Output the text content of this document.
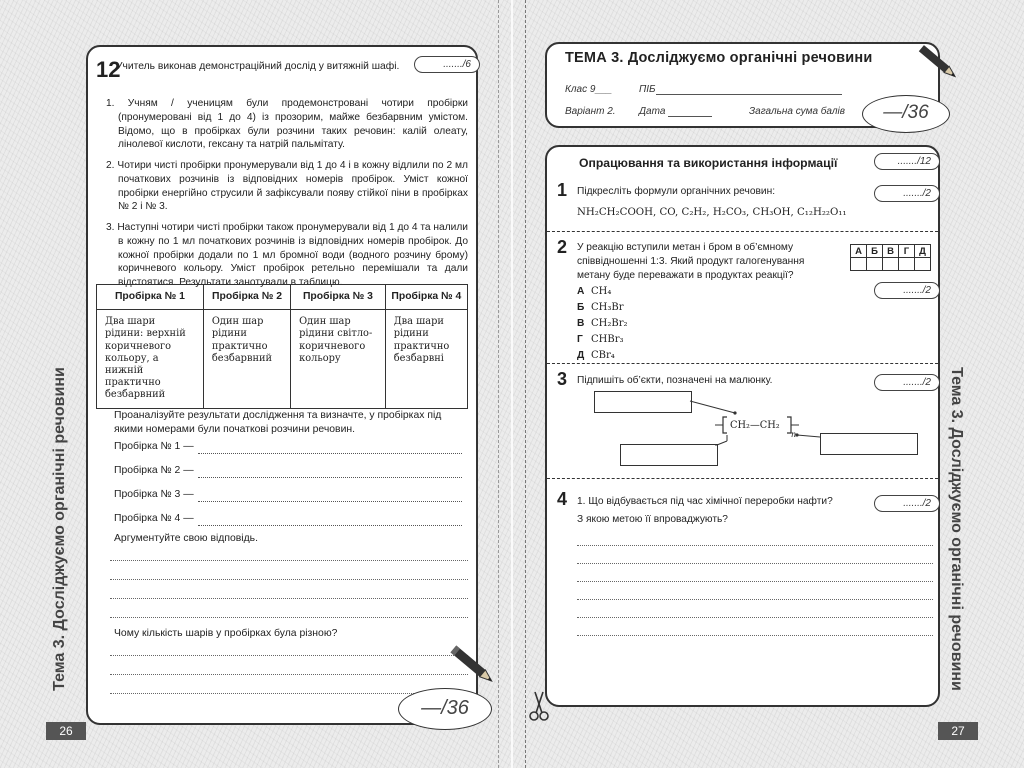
Тема 3. Досліджуємо органічні речовини
12
Учитель виконав демонстраційний дослід у витяжній шафі.	......./6
1. Учням / ученицям були продемонстровані чотири пробірки (пронумеровані від 1 до 4) із прозорим, майже безбарвним умістом. Відомо, що в пробірках були розчини таких речовин: калій олеату, лінолевої кислоти, гексану та натрій пальмітату.
2. Чотири чисті пробірки пронумерували від 1 до 4 і в кожну відлили по 2 мл початкових розчинів із відповідних номерів пробірок. Уміст кожної пробірки енергійно струсили й зафіксували появу стійкої піни в пробірках № 2 і № 3.
3. Наступні чотири чисті пробірки також пронумерували від 1 до 4 та налили в кожну по 1 мл початкових розчинів із відповідних номерів пробірок. До кожної пробірки додали по 1 мл бромної води (водного розчину брому) коричневого кольору. Уміст пробірок ретельно перемішали та дали відстоятися. Результати занотували в таблицю.
Пробірка № 1	Пробірка № 2	Пробірка № 3	Пробірка № 4
Два шари рідини: верхній коричневого кольору, а нижній практично безбарвний	Один шар рідини практично безбарвний	Один шар рідини світло-коричневого кольору	Два шари рідини практично безбарвні
Проаналізуйте результати дослідження та визначте, у пробірках під якими номерами були початкові розчини речовин.
Пробірка № 1 —
Пробірка № 2 —
Пробірка № 3 —
Пробірка № 4 —
Аргументуйте свою відповідь.
Чому кількість шарів у пробірках була різною?
—/36
26
ТЕМА 3. Досліджуємо органічні речовини
Клас 9___	ПІБ
Варіант 2. Дата	Загальна сума балів	—/36
Опрацювання та використання інформації	......./12
1 Підкресліть формули органічних речовин:	......./2
NH₂CH₂COOH, CO, C₂H₂, H₂CO₃, CH₃OH, C₁₂H₂₂O₁₁
2 У реакцію вступили метан і бром в об’ємному співвідношенні 1:3. Який продукт галогенування метану буде переважати в продуктах реакції?
А	Б	В	Г	Д

А CH₄
Б CH₃Br
В CH₂Br₂
Г CHBr₃
Д CBr₄
......./2
3 Підпишіть об’єкти, позначені на малюнку.	......./2
CH₂—CH₂
n
4 1. Що відбувається під час хімічної переробки нафти?	......./2
З якою метою її впроваджують?	Тема 3. Досліджуємо органічні речовини
27
